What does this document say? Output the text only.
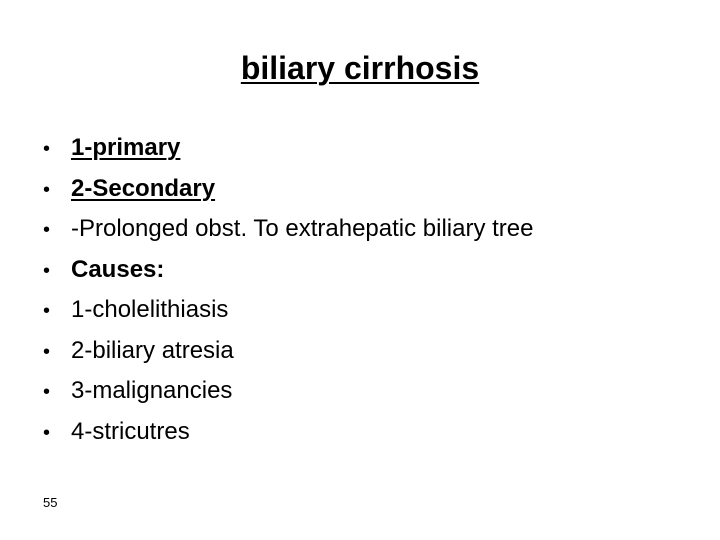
biliary cirrhosis
• 1-primary
• 2-Secondary
• -Prolonged obst. To extrahepatic biliary tree
• Causes:
• 1-cholelithiasis
• 2-biliary atresia
• 3-malignancies
• 4-stricutres
55
